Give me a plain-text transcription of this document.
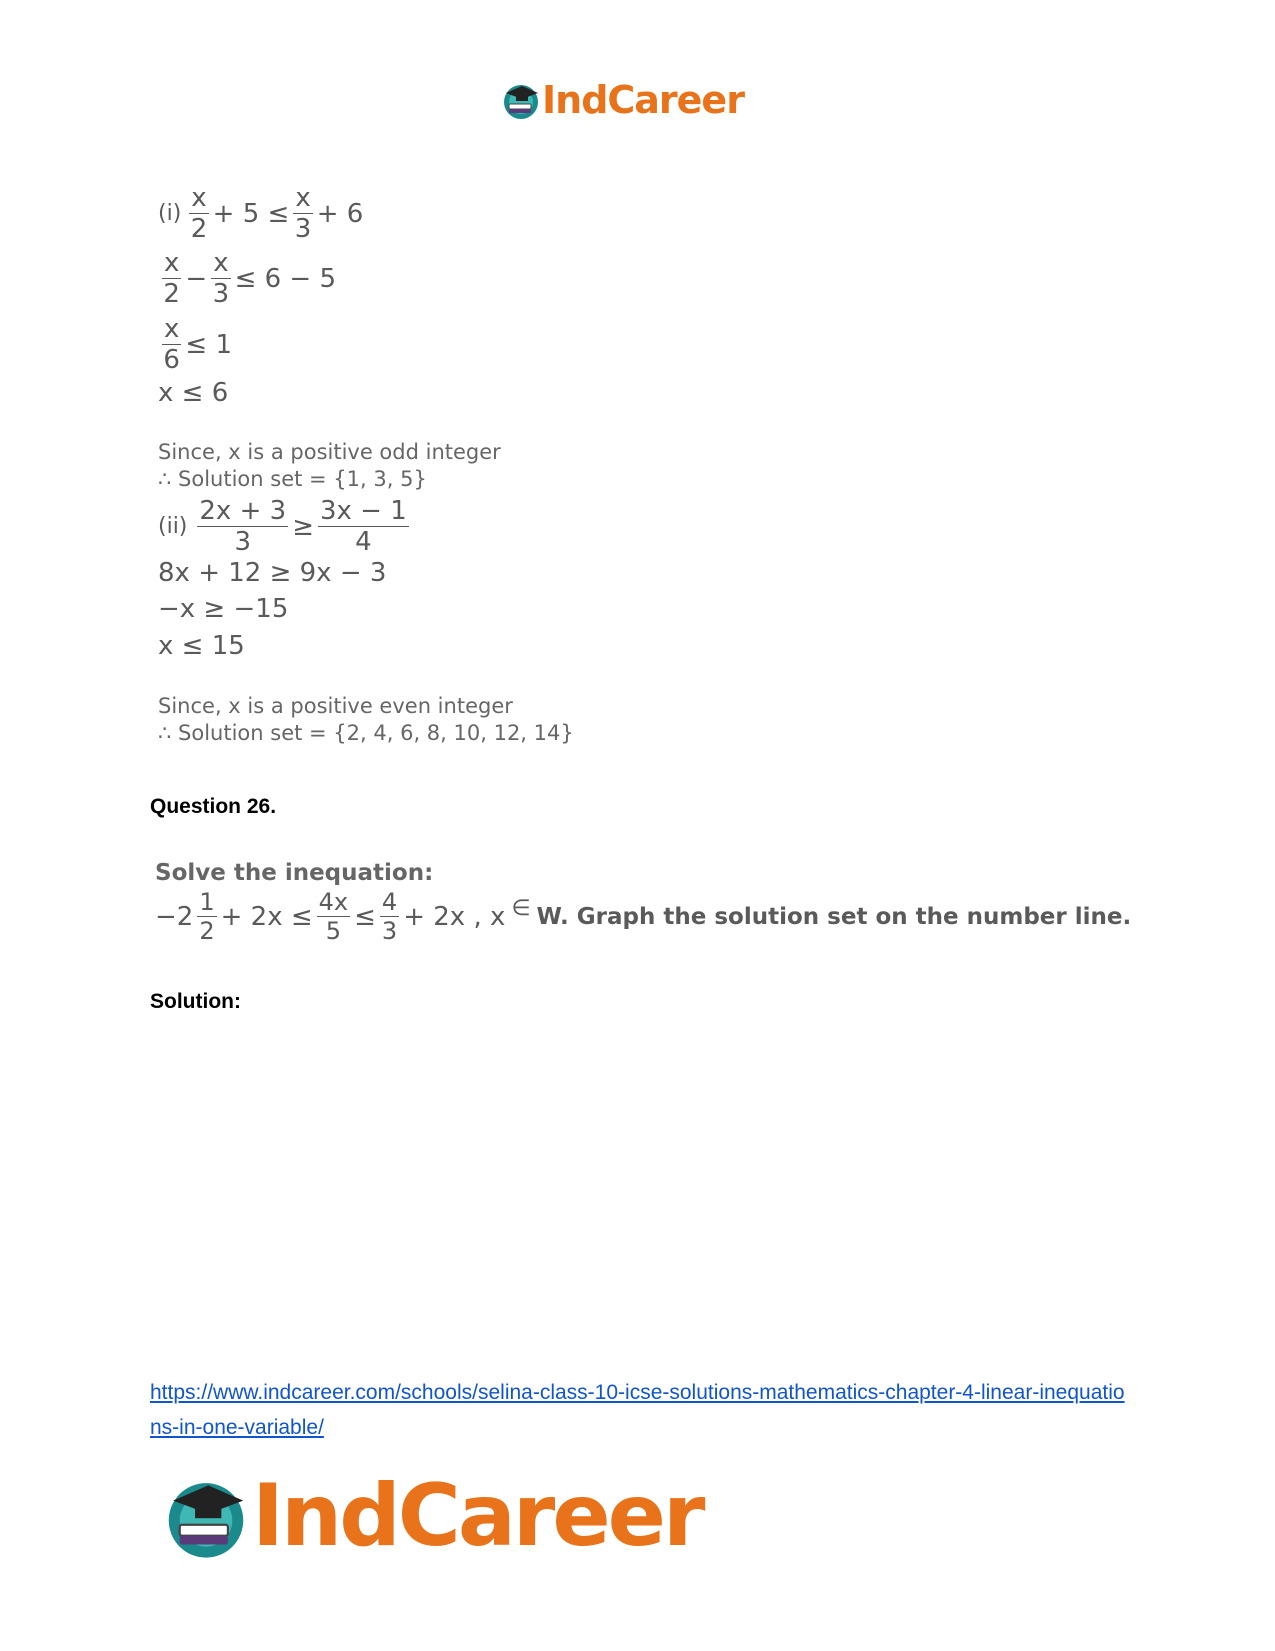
IndCareer
$(i) \frac{x}{2} + 5 \le \frac{x}{3} + 6$
$\frac{x}{2} - \frac{x}{3} \le 6 - 5$
$\frac{x}{6} \le 1$
x ≤ 6
Since, x is a positive odd integer
∴ Solution set = {1, 3, 5}
$(ii) \frac{2x + 3}{3} \ge \frac{3x - 1}{4}$
8x + 12 ≥ 9x − 3
−x ≥ −15
x ≤ 15
Since, x is a positive even integer
∴ Solution set = {2, 4, 6, 8, 10, 12, 14}
Question 26.
Solve the inequation:
$-2 \frac{1}{2} + 2x \le \frac{4x}{5} \le \frac{4}{3} + 2x$ , x ∈ W. Graph the solution set on the number line.
Solution:
https://www.indcareer.com/schools/selina-class-10-icse-solutions-mathematics-chapter-4-linear-inequations-in-one-variable/
IndCareer
